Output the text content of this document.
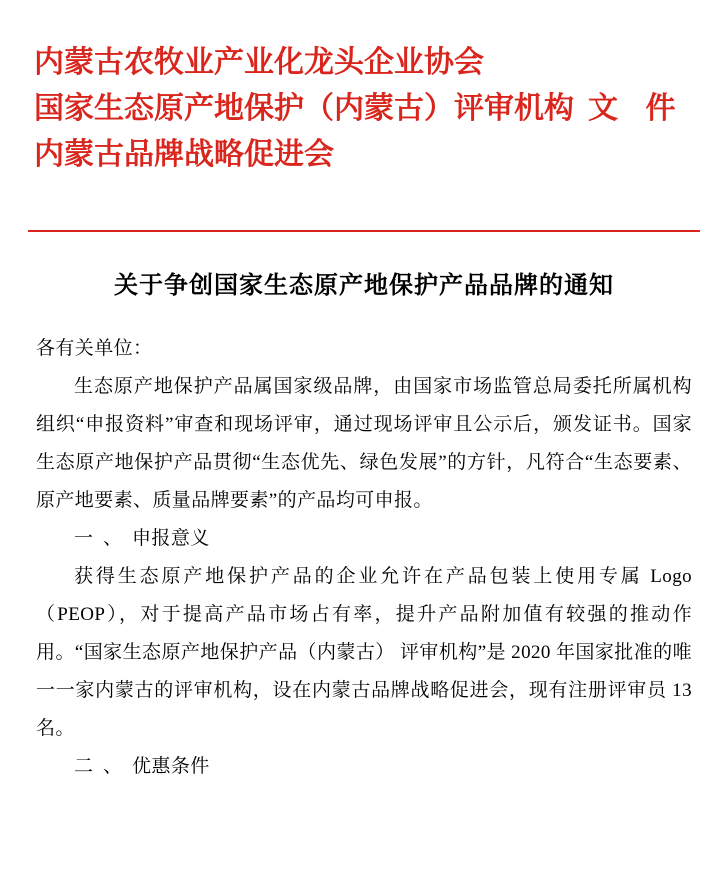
内蒙古农牧业产业化龙头企业协会
国家生态原产地保护（内蒙古）评审机构 文 件
内蒙古品牌战略促进会
关于争创国家生态原产地保护产品品牌的通知

各有关单位：

生态原产地保护产品属国家级品牌，由国家市场监管总局委托所属机构组织“申报资料”审查和现场评审，通过现场评审且公示后，颁发证书。国家生态原产地保护产品贯彻“生态优先、绿色发展”的方针，凡符合“生态要素、原产地要素、质量品牌要素”的产品均可申报。

一、申报意义

获得生态原产地保护产品的企业允许在产品包装上使用专属 Logo（PEOP），对于提高产品市场占有率，提升产品附加值有较强的推动作用。“国家生态原产地保护产品（内蒙古） 评审机构”是 2020 年国家批准的唯一一家内蒙古的评审机构，设在内蒙古品牌战略促进会，现有注册评审员 13 名。

二、优惠条件
